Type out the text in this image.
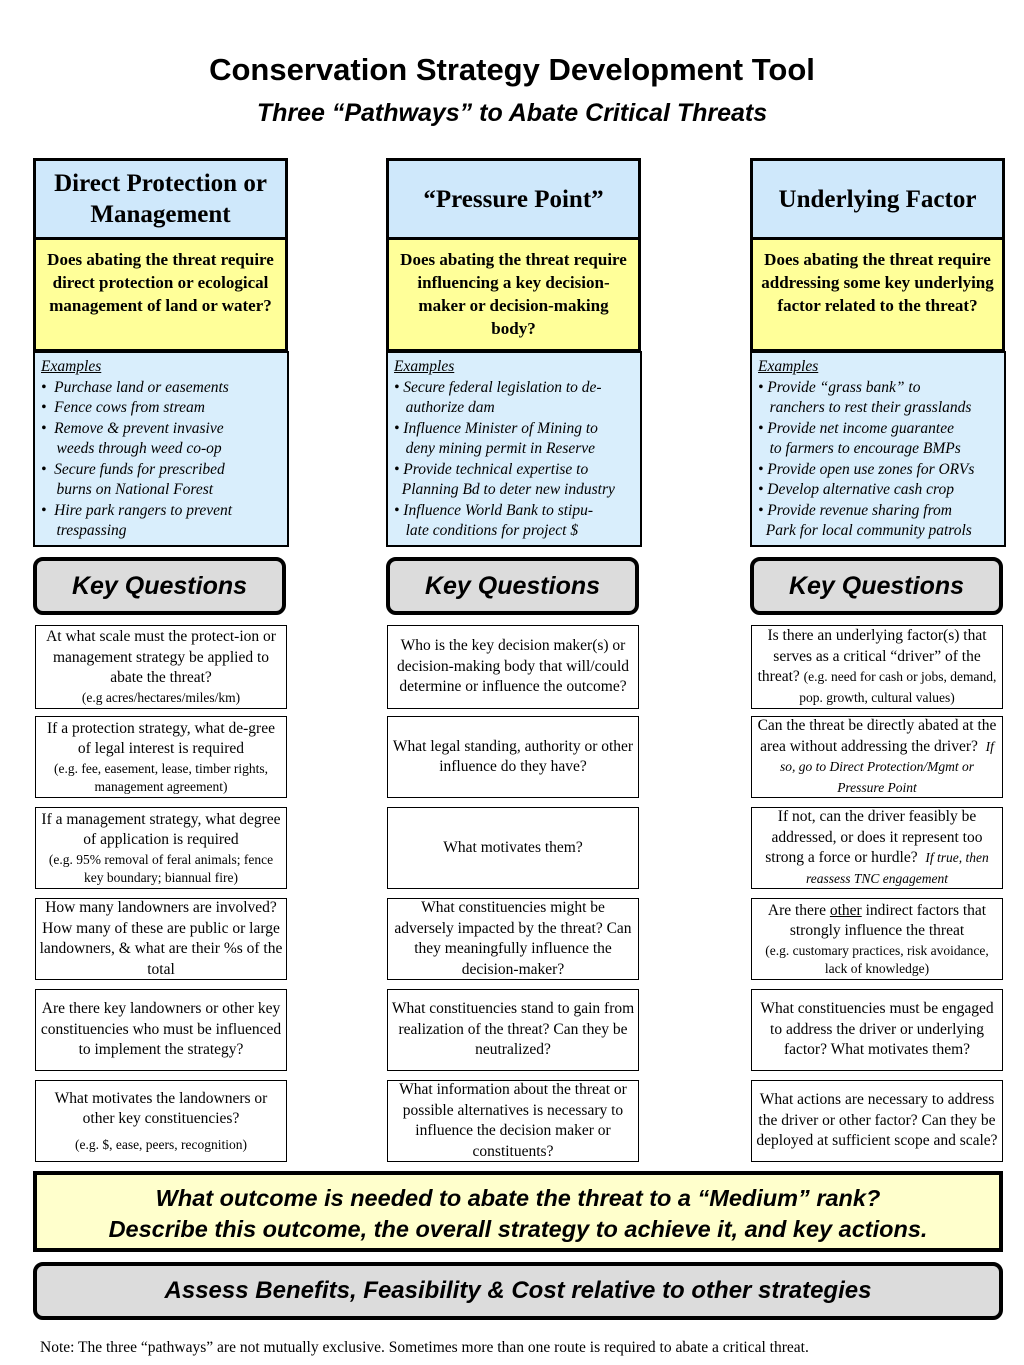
Conservation Strategy Development Tool
Three “Pathways” to Abate Critical Threats
Direct Protection or Management
Does abating the threat require direct protection or ecological management of land or water?
Examples
•  Purchase land or easements
•  Fence cows from stream
•  Remove & prevent invasive
weeds through weed co-op
•  Secure funds for prescribed
burns on National Forest
•  Hire park rangers to prevent
trespassing
“Pressure Point”
Does abating the threat require influencing a key decision-maker or decision-making body?
Examples
• Secure federal legislation to de-
authorize dam
• Influence Minister of Mining to
deny mining permit in Reserve
• Provide technical expertise to
Planning Bd to deter new industry
• Influence World Bank to stipu-
late conditions for project $
Underlying Factor
Does abating the threat require addressing some key underlying factor related to the threat?
Examples
• Provide “grass bank” to
ranchers to rest their grasslands
• Provide net income guarantee
to farmers to encourage BMPs
• Provide open use zones for ORVs
• Develop alternative cash crop
• Provide revenue sharing from
Park for local community patrols
Key Questions	Key Questions	Key Questions
At what scale must the protect-ion or management strategy be applied to abate the threat?
(e.g acres/hectares/miles/km)
If a protection strategy, what de-gree of legal interest is required
(e.g. fee, easement, lease, timber rights, management agreement)
If a management strategy, what degree of application is required
(e.g. 95% removal of feral animals; fence key boundary; biannual fire)
How many landowners are involved? How many of these are public or large landowners, & what are their %s of the total
Are there key landowners or other key constituencies who must be influenced to implement the strategy?
What motivates the landowners or other key constituencies?
(e.g. $, ease, peers, recognition)
Who is the key decision maker(s) or decision-making body that will/could determine or influence the outcome?
What legal standing, authority or other influence do they have?
What motivates them?
What constituencies might be adversely impacted by the threat? Can they meaningfully influence the decision-maker?
What constituencies stand to gain from realization of the threat? Can they be neutralized?
What information about the threat or possible alternatives is necessary to influence the decision maker or constituents?
Is there an underlying factor(s) that serves as a critical “driver” of the threat? (e.g. need for cash or jobs, demand, pop. growth, cultural values)
Can the threat be directly abated at the area without addressing the driver? If so, go to Direct Protection/Mgmt or Pressure Point
If not, can the driver feasibly be addressed, or does it represent too strong a force or hurdle? If true, then reassess TNC engagement
Are there other indirect factors that strongly influence the threat
(e.g. customary practices, risk avoidance, lack of knowledge)
What constituencies must be engaged to address the driver or underlying factor? What motivates them?
What actions are necessary to address the driver or other factor? Can they be deployed at sufficient scope and scale?
What outcome is needed to abate the threat to a “Medium” rank?
Describe this outcome, the overall strategy to achieve it, and key actions.
Assess Benefits, Feasibility & Cost relative to other strategies
Note: The three “pathways” are not mutually exclusive. Sometimes more than one route is required to abate a critical threat.
